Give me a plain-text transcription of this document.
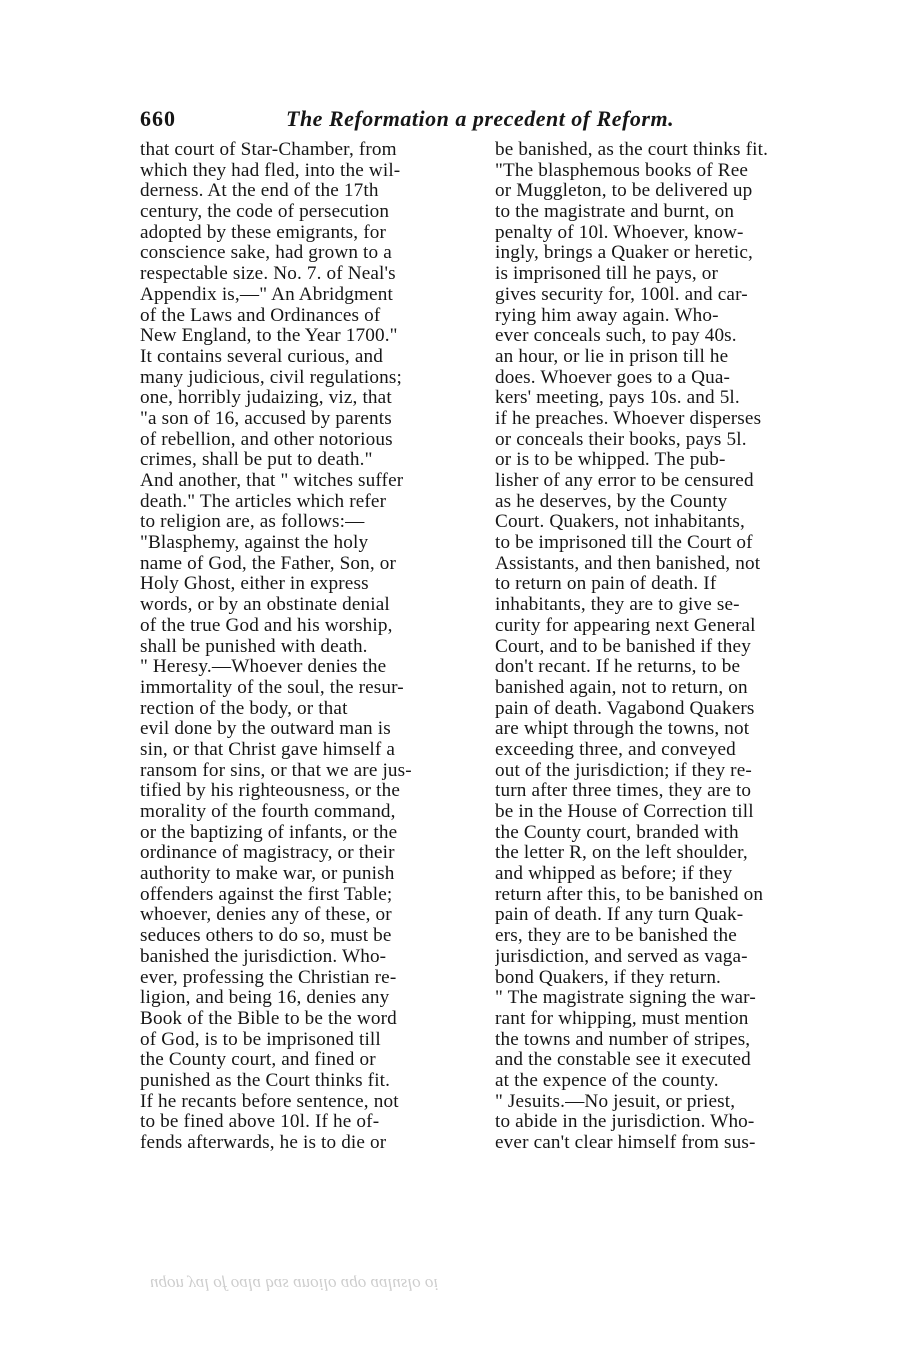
660	The Reformation a precedent of Reform.
that court of Star-Chamber, from
which they had fled, into the wil-
derness. At the end of the 17th
century, the code of persecution
adopted by these emigrants, for
conscience sake, had grown to a
respectable size. No. 7. of Neal's
Appendix is,—" An Abridgment
of the Laws and Ordinances of
New England, to the Year 1700."
It contains several curious, and
many judicious, civil regulations;
one, horribly judaizing, viz, that
"a son of 16, accused by parents
of rebellion, and other notorious
crimes, shall be put to death."
And another, that " witches suffer
death." The articles which refer
to religion are, as follows:—
"Blasphemy, against the holy
name of God, the Father, Son, or
Holy Ghost, either in express
words, or by an obstinate denial
of the true God and his worship,
shall be punished with death.
" Heresy.—Whoever denies the
immortality of the soul, the resur-
rection of the body, or that
evil done by the outward man is
sin, or that Christ gave himself a
ransom for sins, or that we are jus-
tified by his righteousness, or the
morality of the fourth command,
or the baptizing of infants, or the
ordinance of magistracy, or their
authority to make war, or punish
offenders against the first Table;
whoever, denies any of these, or
seduces others to do so, must be
banished the jurisdiction. Who-
ever, professing the Christian re-
ligion, and being 16, denies any
Book of the Bible to be the word
of God, is to be imprisoned till
the County court, and fined or
punished as the Court thinks fit.
If he recants before sentence, not
to be fined above 10l. If he of-
fends afterwards, he is to die or
be banished, as the court thinks fit.
"The blasphemous books of Ree
or Muggleton, to be delivered up
to the magistrate and burnt, on
penalty of 10l. Whoever, know-
ingly, brings a Quaker or heretic,
is imprisoned till he pays, or
gives security for, 100l. and car-
rying him away again. Who-
ever conceals such, to pay 40s.
an hour, or lie in prison till he
does. Whoever goes to a Qua-
kers' meeting, pays 10s. and 5l.
if he preaches. Whoever disperses
or conceals their books, pays 5l.
or is to be whipped. The pub-
lisher of any error to be censured
as he deserves, by the County
Court. Quakers, not inhabitants,
to be imprisoned till the Court of
Assistants, and then banished, not
to return on pain of death. If
inhabitants, they are to give se-
curity for appearing next General
Court, and to be banished if they
don't recant. If he returns, to be
banished again, not to return, on
pain of death. Vagabond Quakers
are whipt through the towns, not
exceeding three, and conveyed
out of the jurisdiction; if they re-
turn after three times, they are to
be in the House of Correction till
the County court, branded with
the letter R, on the left shoulder,
and whipped as before; if they
return after this, to be banished on
pain of death. If any turn Quak-
ers, they are to be banished the
jurisdiction, and served as vaga-
bond Quakers, if they return.
" The magistrate signing the war-
rant for whipping, must mention
the towns and number of stripes,
and the constable see it executed
at the expence of the county.
" Jesuits.—No jesuit, or priest,
to abide in the jurisdiction. Who-
ever can't clear himself from sus-
uqon yal of oala bas anoilo aqo aaluslo oi
